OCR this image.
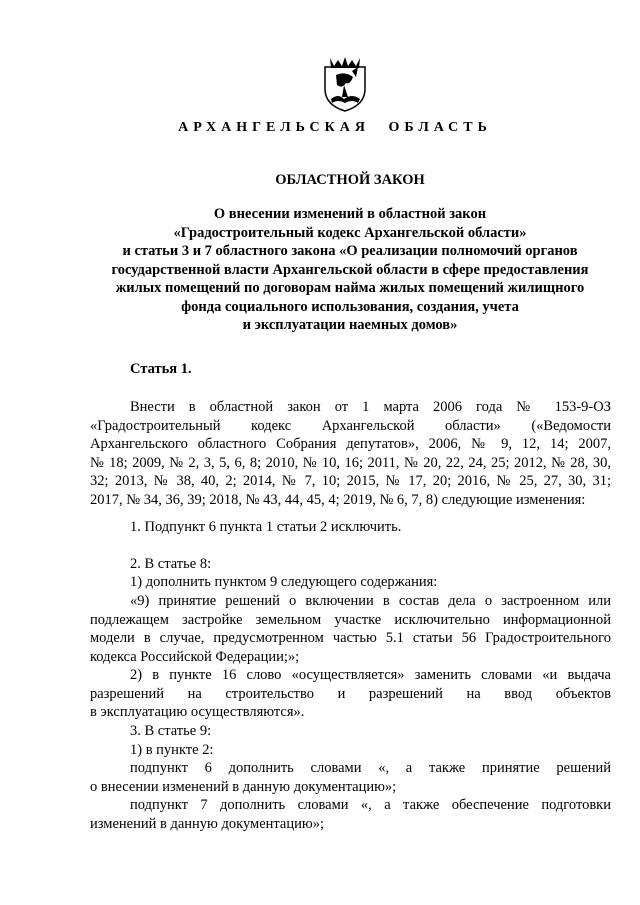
АРХАНГЕЛЬСКАЯ ОБЛАСТЬ
ОБЛАСТНОЙ ЗАКОН
О внесении изменений в областной закон
«Градостроительный кодекс Архангельской области»
и статьи 3 и 7 областного закона «О реализации полномочий органов
государственной власти Архангельской области в сфере предоставления
жилых помещений по договорам найма жилых помещений жилищного
фонда социального использования, создания, учета
и эксплуатации наемных домов»
Статья 1.
Внести в областной закон от 1 марта 2006 года № 153-9-ОЗ
«Градостроительный кодекс Архангельской области» («Ведомости
Архангельского областного Собрания депутатов», 2006, № 9, 12, 14; 2007,
№ 18; 2009, № 2, 3, 5, 6, 8; 2010, № 10, 16; 2011, № 20, 22, 24, 25; 2012, № 28, 30,
32; 2013, № 38, 40, 2; 2014, № 7, 10; 2015, № 17, 20; 2016, № 25, 27, 30, 31;
2017, № 34, 36, 39; 2018, № 43, 44, 45, 4; 2019, № 6, 7, 8) следующие изменения:
1. Подпункт 6 пункта 1 статьи 2 исключить.
2. В статье 8:
1) дополнить пунктом 9 следующего содержания:
«9) принятие решений о включении в состав дела о застроенном или
подлежащем застройке земельном участке исключительно информационной
модели в случае, предусмотренном частью 5.1 статьи 56 Градостроительного
кодекса Российской Федерации;»;
2) в пункте 16 слово «осуществляется» заменить словами «и выдача
разрешений на строительство и разрешений на ввод объектов
в эксплуатацию осуществляются».
3. В статье 9:
1) в пункте 2:
подпункт 6 дополнить словами «, а также принятие решений
о внесении изменений в данную документацию»;
подпункт 7 дополнить словами «, а также обеспечение подготовки
изменений в данную документацию»;
